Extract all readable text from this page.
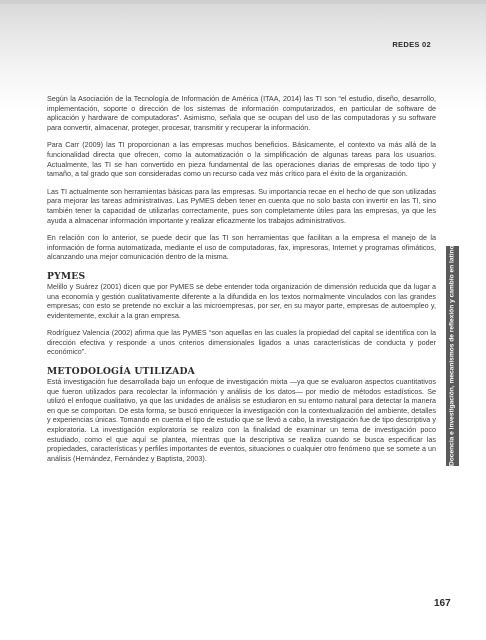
REDES 02
Docencia e investigación, mecanismos de reflexión y cambio en latinoamérica

Según la Asociación de la Tecnología de Información de América (ITAA, 2014) las TI son “el estudio, diseño, desarrollo, implementación, soporte o dirección de los sistemas de información computarizados, en particular de software de aplicación y hardware de computadoras”. Asimismo, señala que se ocupan del uso de las computadoras y su software para convertir, almacenar, proteger, procesar, transmitir y recuperar la información.

Para Carr (2009) las TI proporcionan a las empresas muchos beneficios. Básicamente, el contexto va más allá de la funcionalidad directa que ofrecen, como la automatización o la simplificación de algunas tareas para los usuarios. Actualmente, las TI se han convertido en pieza fundamental de las operaciones diarias de empresas de todo tipo y tamaño, a tal grado que son consideradas como un recurso cada vez más crítico para el éxito de la organización.

Las TI actualmente son herramientas básicas para las empresas. Su importancia recae en el hecho de que son utilizadas para mejorar las tareas administrativas. Las PyMES deben tener en cuenta que no solo basta con invertir en las TI, sino también tener la capacidad de utilizarlas correctamente, pues son completamente útiles para las empresas, ya que les ayuda a almacenar información importante y realizar eficazmente los trabajos administrativos.

En relación con lo anterior, se puede decir que las TI son herramientas que facilitan a la empresa el manejo de la información de forma automatizada, mediante el uso de computadoras, fax, impresoras, Internet y programas ofimáticos, alcanzando una mejor comunicación dentro de la misma.

PYMES

Melillo y Suárez (2001) dicen que por PyMES se debe entender toda organización de dimensión reducida que da lugar a una economía y gestión cualitativamente diferente a la difundida en los textos normalmente vinculados con las grandes empresas; con esto se pretende no excluir a las microempresas, por ser, en su mayor parte, empresas de autoempleo y, evidentemente, excluir a la gran empresa.

Rodríguez Valencia (2002) afirma que las PyMES “son aquellas en las cuales la propiedad del capital se identifica con la dirección efectiva y responde a unos criterios dimensionales ligados a unas características de conducta y poder económico”.

METODOLOGÍA UTILIZADA

Está investigación fue desarrollada bajo un enfoque de investigación mixta —ya que se evaluaron aspectos cuantitativos que fueron utilizados para recolectar la información y análisis de los datos— por medio de métodos estadísticos. Se utilizó el enfoque cualitativo, ya que las unidades de análisis se estudiaron en su entorno natural para detectar la manera en que se comportan. De esta forma, se buscó enriquecer la investigación con la contextualización del ambiente, detalles y experiencias únicas. Tomando en cuenta el tipo de estudio que se llevó a cabo, la investigación fue de tipo descriptiva y exploratoria. La investigación exploratoria se realizo con la finalidad de examinar un tema de investigación poco estudiado, como el que aquí se plantea, mientras que la descriptiva se realiza cuando se busca especificar las propiedades, características y perfiles importantes de eventos, situaciones o cualquier otro fenómeno que se somete a un análisis (Hernández, Fernández y Baptista, 2003).

167
